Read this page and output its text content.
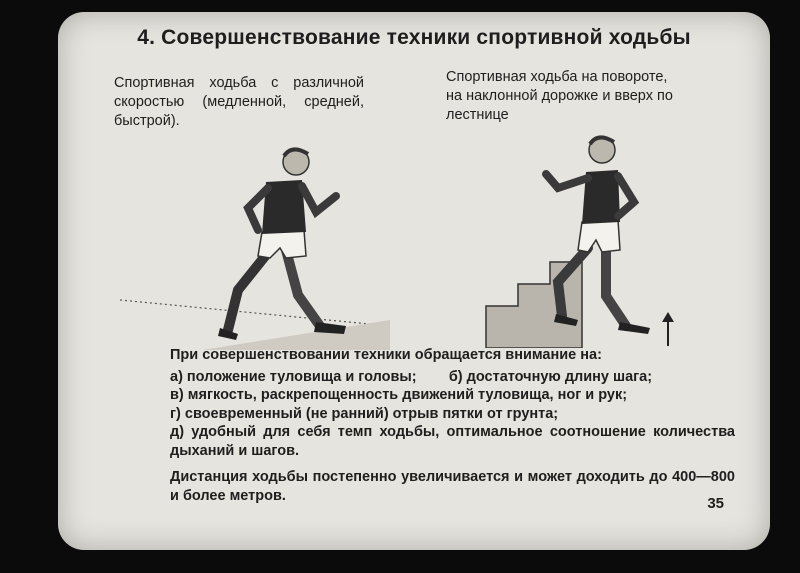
4. Совершенствование техники спортивной ходьбы
Спортивная ходьба с различной скоростью (медленной, средней, быстрой).
Спортивная ходьба на повороте,
на наклонной дорожке и вверх по
лестнице

При совершенствовании техники обращается внимание на:

а) положение туловища и головы;        б) достаточную длину шага;

в) мягкость, раскрепощенность движений туловища, ног и рук;

г) своевременный (не ранний) отрыв пятки от грунта;

д) удобный для себя темп ходьбы, оптимальное соотношение количества дыханий и шагов.

Дистанция ходьбы постепенно увеличивается и может доходить до 400—800 и более метров.	35
